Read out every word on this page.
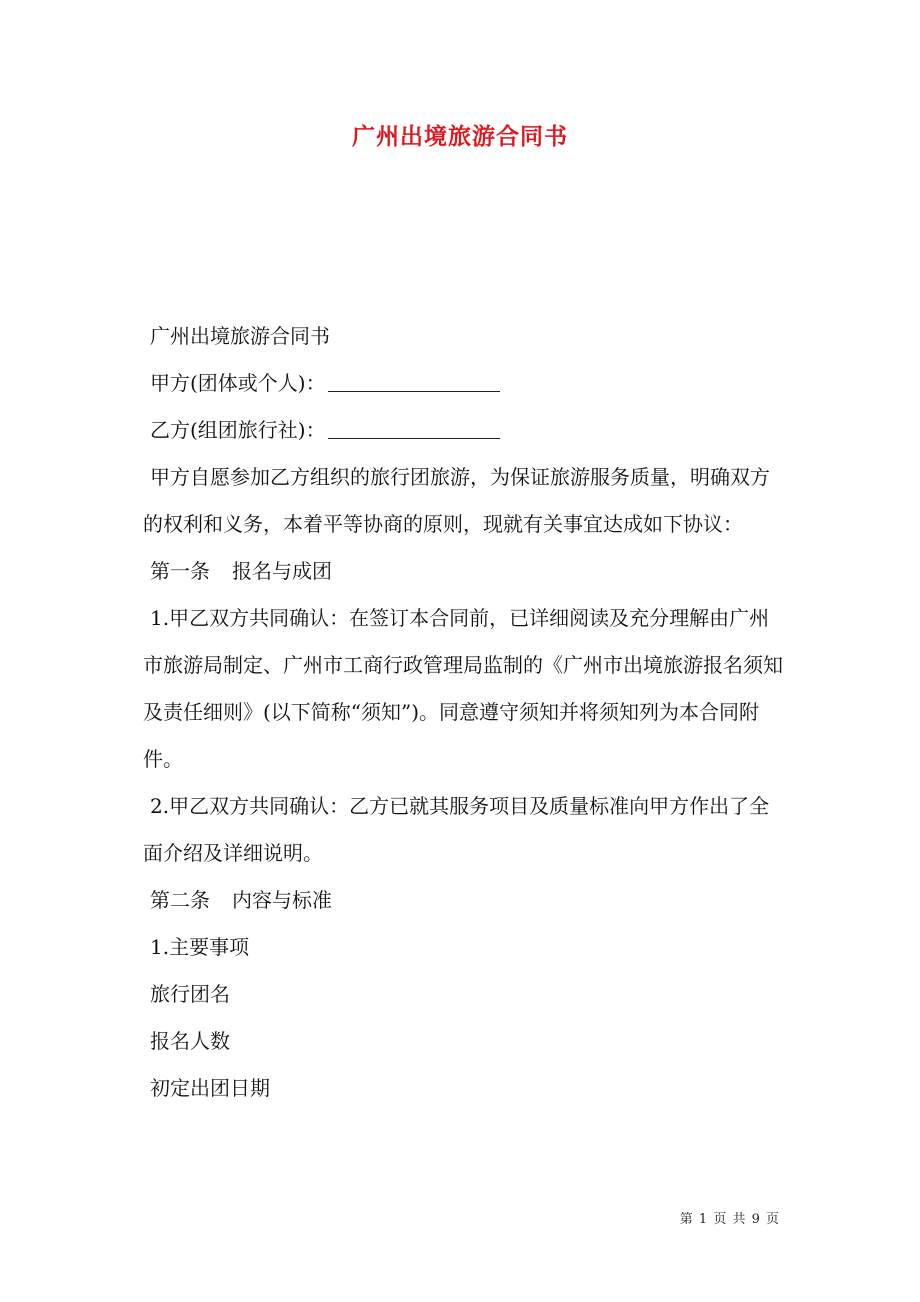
广州出境旅游合同书

广州出境旅游合同书

甲方(团体或个人)：

乙方(组团旅行社)：

甲方自愿参加乙方组织的旅行团旅游，为保证旅游服务质量，明确双方的权利和义务，本着平等协商的原则，现就有关事宜达成如下协议：

第一条 报名与成团

1.甲乙双方共同确认：在签订本合同前，已详细阅读及充分理解由广州市旅游局制定、广州市工商行政管理局监制的《广州市出境旅游报名须知及责任细则》(以下简称“须知”)。同意遵守须知并将须知列为本合同附件。

2.甲乙双方共同确认：乙方已就其服务项目及质量标准向甲方作出了全面介绍及详细说明。

第二条 内容与标准

1.主要事项

旅行团名

报名人数

初定出团日期

第 1 页 共 9 页
